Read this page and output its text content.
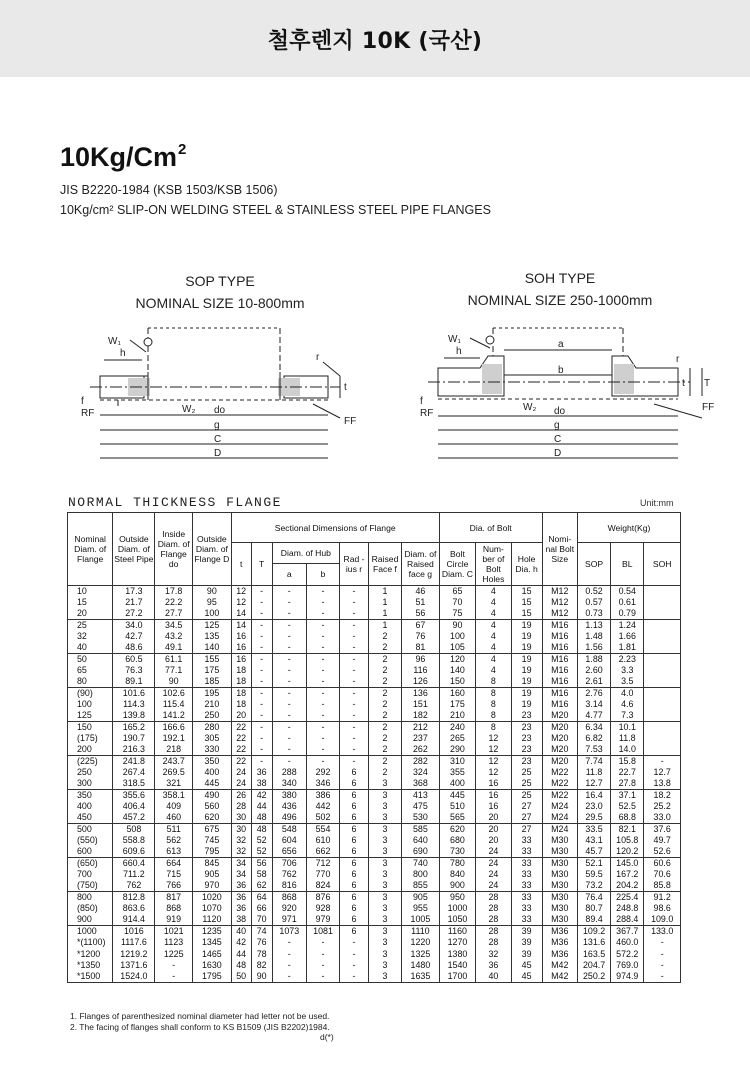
철후렌지 10K (국산)
10Kg/Cm$^2$
JIS B2220-1984 (KSB 1503/KSB 1506)
10Kg/cm² SLIP-ON WELDING STEEL & STAINLESS STEEL PIPE FLANGES
SOP TYPE
NOMINAL SIZE 10-800mm
SOH TYPE
NOMINAL SIZE 250-1000mm
W₁
h
f
RF	W₂
FF
t
r
do
g
C
D
W₁
h
f
RF
W₂	FF
t T
r
a
b
do
g
C
D
NORMAL THICKNESS FLANGE	Unit:mm
Nominal Diam. of Flange	Outside Diam. of Steel Pipe	Inside Diam. of Flange do	Outside Diam. of Flange D	Sectional Dimensions of Flange							Dia. of Bolt			Nomi- nal Bolt Size	Weight(Kg)		
				t	T	Diam. of Hub		Rad -ius r	Raised Face f	Diam. of Raised face g	Bolt Circle Diam. C	Num- ber of Bolt Holes	Hole Dia. h		SOP	BL	SOH
						a	b										
10	17.3	17.8	90	12	-	-	-	-	1	46	65	4	15	M12	0.52	0.54	
15	21.7	22.2	95	12	-	-	-	-	1	51	70	4	15	M12	0.57	0.61	
20	27.2	27.7	100	14	-	-	-	-	1	56	75	4	15	M12	0.73	0.79	
25	34.0	34.5	125	14	-	-	-	-	1	67	90	4	19	M16	1.13	1.24	
32	42.7	43.2	135	16	-	-	-	-	2	76	100	4	19	M16	1.48	1.66	
40	48.6	49.1	140	16	-	-	-	-	2	81	105	4	19	M16	1.56	1.81	
50	60.5	61.1	155	16	-	-	-	-	2	96	120	4	19	M16	1.88	2.23	
65	76.3	77.1	175	18	-	-	-	-	2	116	140	4	19	M16	2.60	3.3	
80	89.1	90	185	18	-	-	-	-	2	126	150	8	19	M16	2.61	3.5	
(90)	101.6	102.6	195	18	-	-	-	-	2	136	160	8	19	M16	2.76	4.0	
100	114.3	115.4	210	18	-	-	-	-	2	151	175	8	19	M16	3.14	4.6	
125	139.8	141.2	250	20	-	-	-	-	2	182	210	8	23	M20	4.77	7.3	
150	165.2	166.6	280	22	-	-	-	-	2	212	240	8	23	M20	6.34	10.1	
(175)	190.7	192.1	305	22	-	-	-	-	2	237	265	12	23	M20	6.82	11.8	
200	216.3	218	330	22	-	-	-	-	2	262	290	12	23	M20	7.53	14.0	
(225)	241.8	243.7	350	22	-	-	-	-	2	282	310	12	23	M20	7.74	15.8	-
250	267.4	269.5	400	24	36	288	292	6	2	324	355	12	25	M22	11.8	22.7	12.7
300	318.5	321	445	24	38	340	346	6	3	368	400	16	25	M22	12.7	27.8	13.8
350	355.6	358.1	490	26	42	380	386	6	3	413	445	16	25	M22	16.4	37.1	18.2
400	406.4	409	560	28	44	436	442	6	3	475	510	16	27	M24	23.0	52.5	25.2
450	457.2	460	620	30	48	496	502	6	3	530	565	20	27	M24	29.5	68.8	33.0
500	508	511	675	30	48	548	554	6	3	585	620	20	27	M24	33.5	82.1	37.6
(550)	558.8	562	745	32	52	604	610	6	3	640	680	20	33	M30	43.1	105.8	49.7
600	609.6	613	795	32	52	656	662	6	3	690	730	24	33	M30	45.7	120.2	52.6
(650)	660.4	664	845	34	56	706	712	6	3	740	780	24	33	M30	52.1	145.0	60.6
700	711.2	715	905	34	58	762	770	6	3	800	840	24	33	M30	59.5	167.2	70.6
(750)	762	766	970	36	62	816	824	6	3	855	900	24	33	M30	73.2	204.2	85.8
800	812.8	817	1020	36	64	868	876	6	3	905	950	28	33	M30	76.4	225.4	91.2
(850)	863.6	868	1070	36	66	920	928	6	3	955	1000	28	33	M30	80.7	248.8	98.6
900	914.4	919	1120	38	70	971	979	6	3	1005	1050	28	33	M30	89.4	288.4	109.0
1000	1016	1021	1235	40	74	1073	1081	6	3	1110	1160	28	39	M36	109.2	367.7	133.0
*(1100)	1117.6	1123	1345	42	76	-	-	-	3	1220	1270	28	39	M36	131.6	460.0	-
*1200	1219.2	1225	1465	44	78	-	-	-	3	1325	1380	32	39	M36	163.5	572.2	-
*1350	1371.6	-	1630	48	82	-	-	-	3	1480	1540	36	45	M42	204.7	769.0	-
*1500	1524.0	-	1795	50	90	-	-	-	3	1635	1700	40	45	M42	250.2	974.9	-
1. Flanges of parenthesized nominal diameter had letter not be used.
2. The facing of flanges shall conform to KS B1509 (JIS B2202)1984.
d(*)
